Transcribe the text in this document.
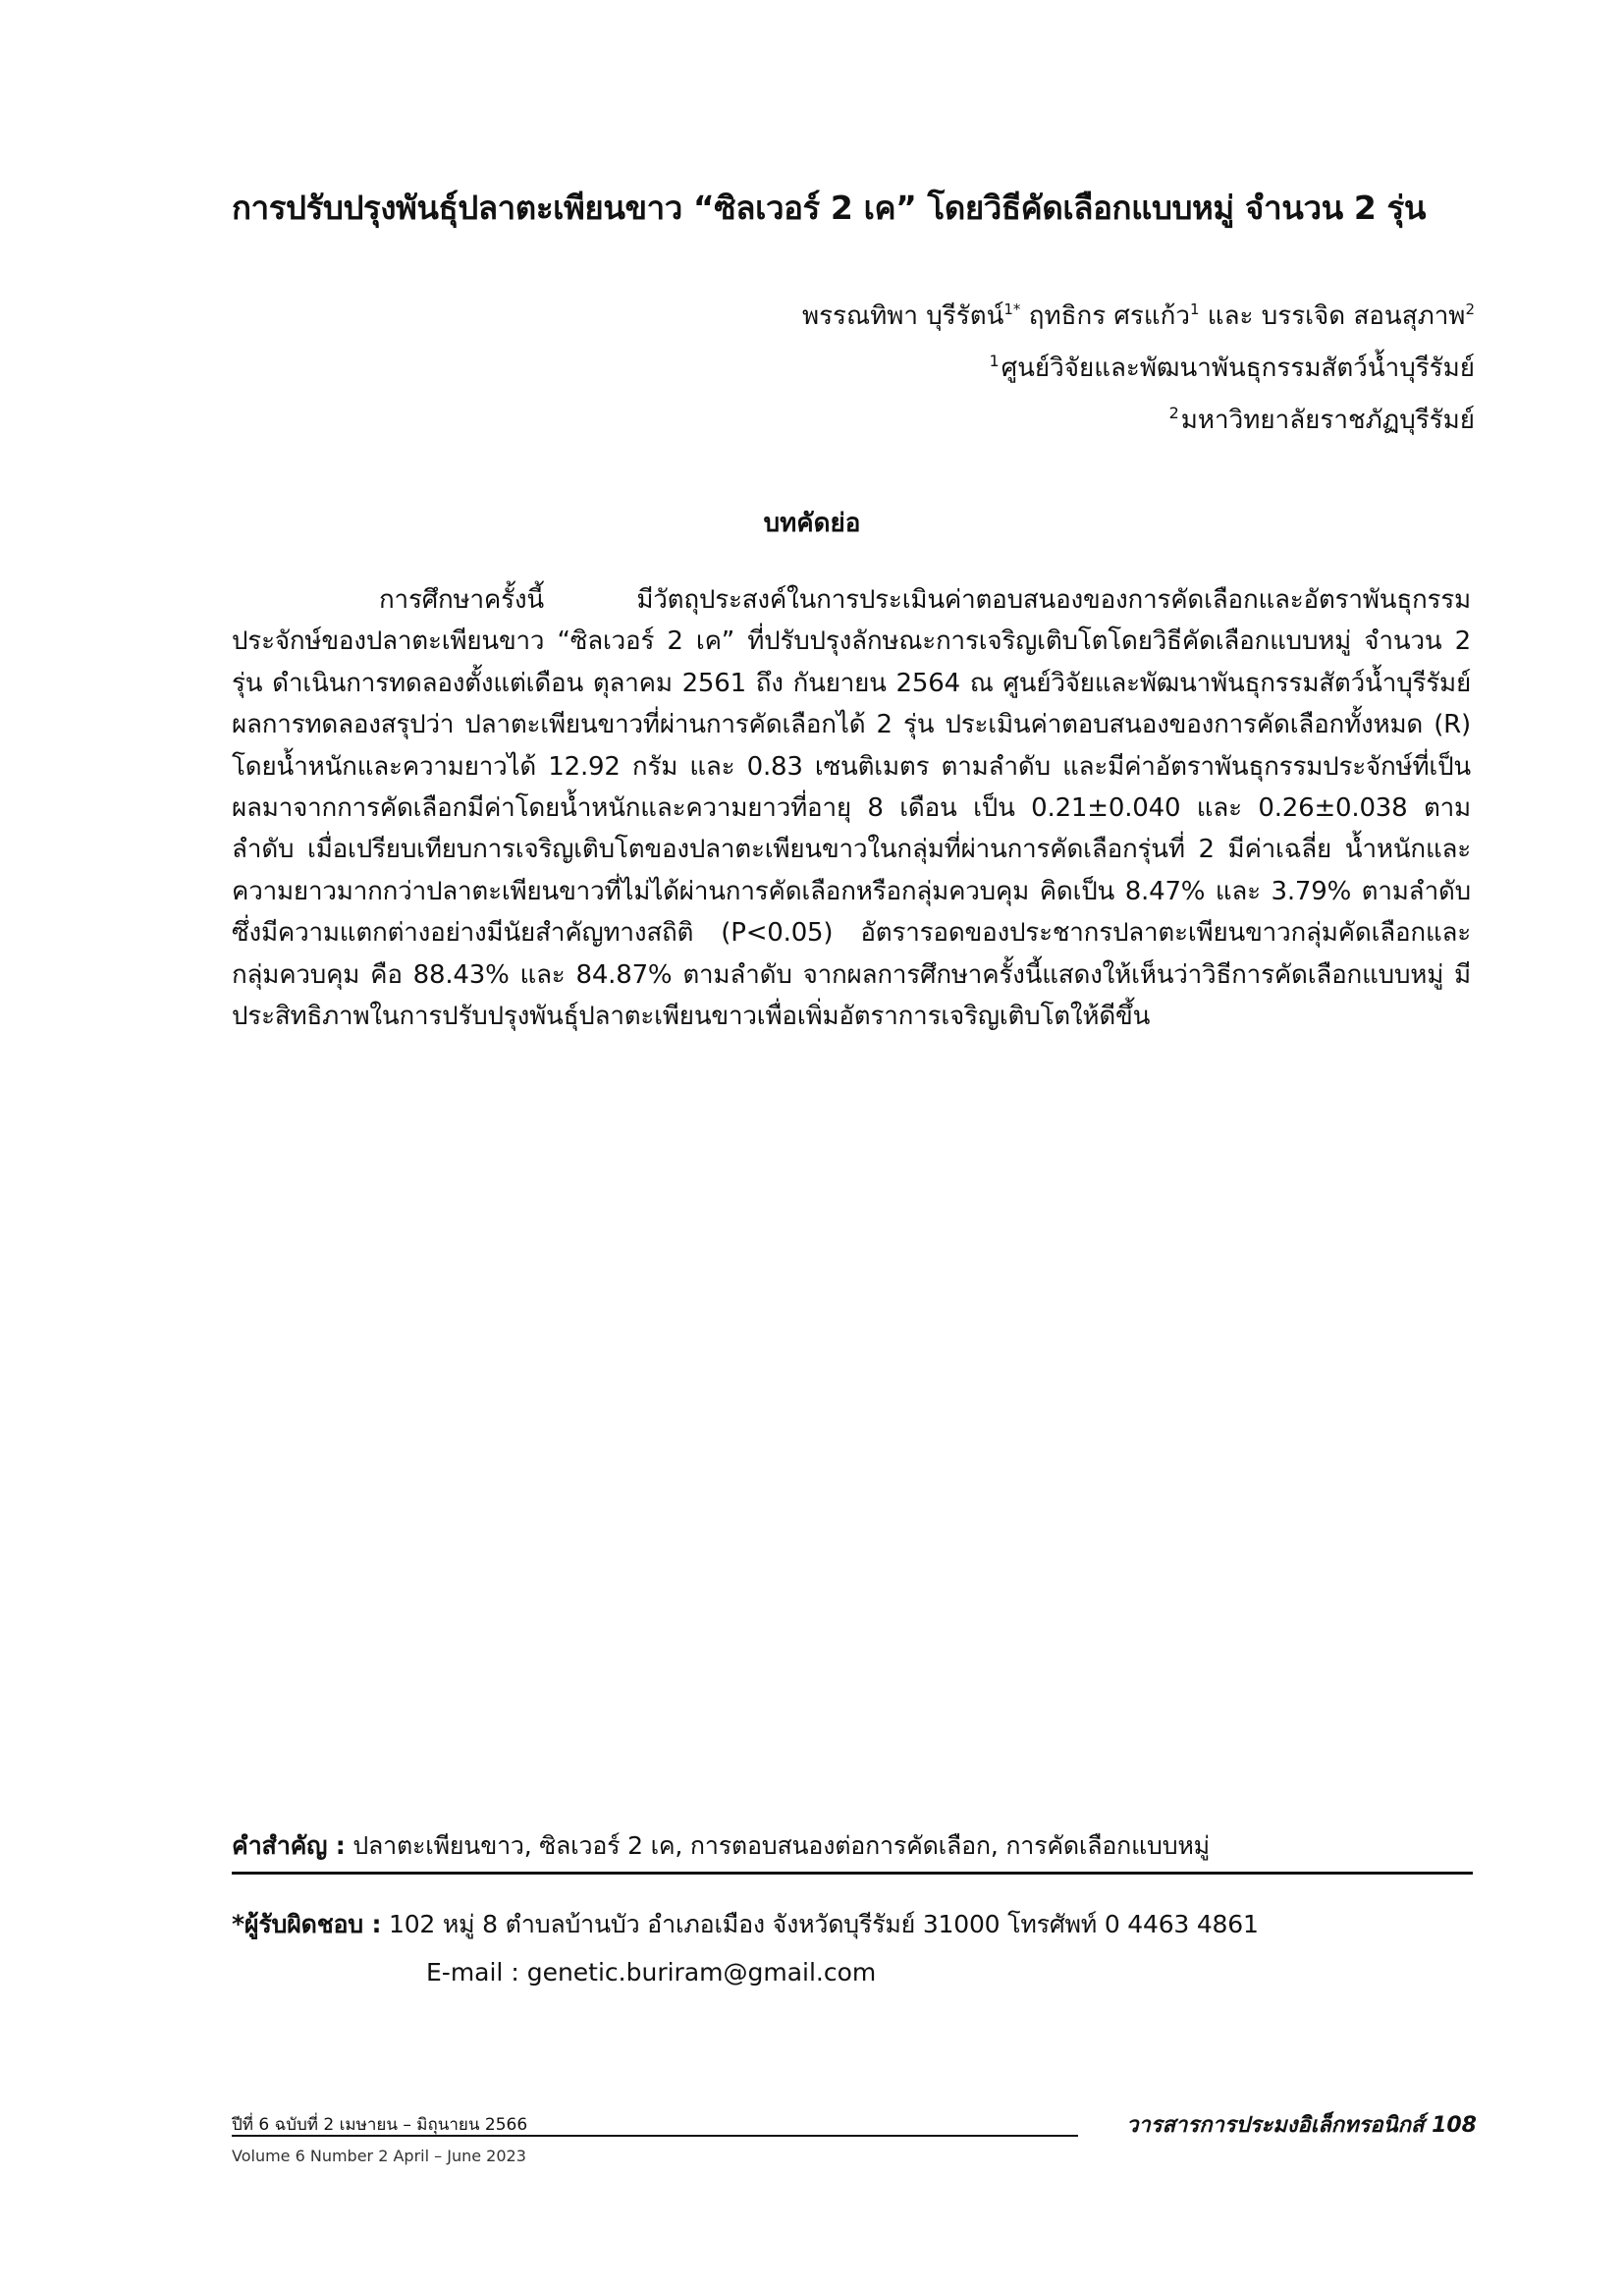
การปรับปรุงพันธุ์ปลาตะเพียนขาว “ซิลเวอร์ 2 เค” โดยวิธีคัดเลือกแบบหมู่ จำนวน 2 รุ่น
พรรณทิพา บุรีรัตน์$^{1*}$ ฤทธิกร ศรแก้ว$^1$ และ บรรเจิด สอนสุภาพ$^2$
$^1$ศูนย์วิจัยและพัฒนาพันธุกรรมสัตว์น้ำบุรีรัมย์
$^2$มหาวิทยาลัยราชภัฏบุรีรัมย์
บทคัดย่อ

การศึกษาครั้งนี้ มีวัตถุประสงค์ในการประเมินค่าตอบสนองของการคัดเลือกและอัตราพันธุกรรมประจักษ์ของปลาตะเพียนขาว “ซิลเวอร์ 2 เค” ที่ปรับปรุงลักษณะการเจริญเติบโตโดยวิธีคัดเลือกแบบหมู่ จำนวน 2 รุ่น ดำเนินการทดลองตั้งแต่เดือน ตุลาคม 2561 ถึง กันยายน 2564 ณ ศูนย์วิจัยและพัฒนาพันธุกรรมสัตว์น้ำบุรีรัมย์ ผลการทดลองสรุปว่า ปลาตะเพียนขาวที่ผ่านการคัดเลือกได้ 2 รุ่น ประเมินค่าตอบสนองของการคัดเลือกทั้งหมด (R) โดยน้ำหนักและความยาวได้ 12.92 กรัม และ 0.83 เซนติเมตร ตามลำดับ และมีค่าอัตราพันธุกรรมประจักษ์ที่เป็นผลมาจากการคัดเลือกมีค่าโดยน้ำหนักและความยาวที่อายุ 8 เดือน เป็น 0.21±0.040 และ 0.26±0.038 ตามลำดับ เมื่อเปรียบเทียบการเจริญเติบโตของปลาตะเพียนขาวในกลุ่มที่ผ่านการคัดเลือกรุ่นที่ 2 มีค่าเฉลี่ย น้ำหนักและความยาวมากกว่าปลาตะเพียนขาวที่ไม่ได้ผ่านการคัดเลือกหรือกลุ่มควบคุม คิดเป็น 8.47% และ 3.79% ตามลำดับ ซึ่งมีความแตกต่างอย่างมีนัยสำคัญทางสถิติ (P<0.05) อัตรารอดของประชากรปลาตะเพียนขาวกลุ่มคัดเลือกและกลุ่มควบคุม คือ 88.43% และ 84.87% ตามลำดับ จากผลการศึกษาครั้งนี้แสดงให้เห็นว่าวิธีการคัดเลือกแบบหมู่ มีประสิทธิภาพในการปรับปรุงพันธุ์ปลาตะเพียนขาวเพื่อเพิ่มอัตราการเจริญเติบโตให้ดีขึ้น

คำสำคัญ : ปลาตะเพียนขาว, ซิลเวอร์ 2 เค, การตอบสนองต่อการคัดเลือก, การคัดเลือกแบบหมู่
*ผู้รับผิดชอบ : 102 หมู่ 8 ตำบลบ้านบัว อำเภอเมือง จังหวัดบุรีรัมย์ 31000 โทรศัพท์ 0 4463 4861
E-mail : genetic.buriram@gmail.com
ปีที่ 6 ฉบับที่ 2 เมษายน – มิถุนายน 2566	วารสารการประมงอิเล็กทรอนิกส์ 108
Volume 6 Number 2 April – June 2023
